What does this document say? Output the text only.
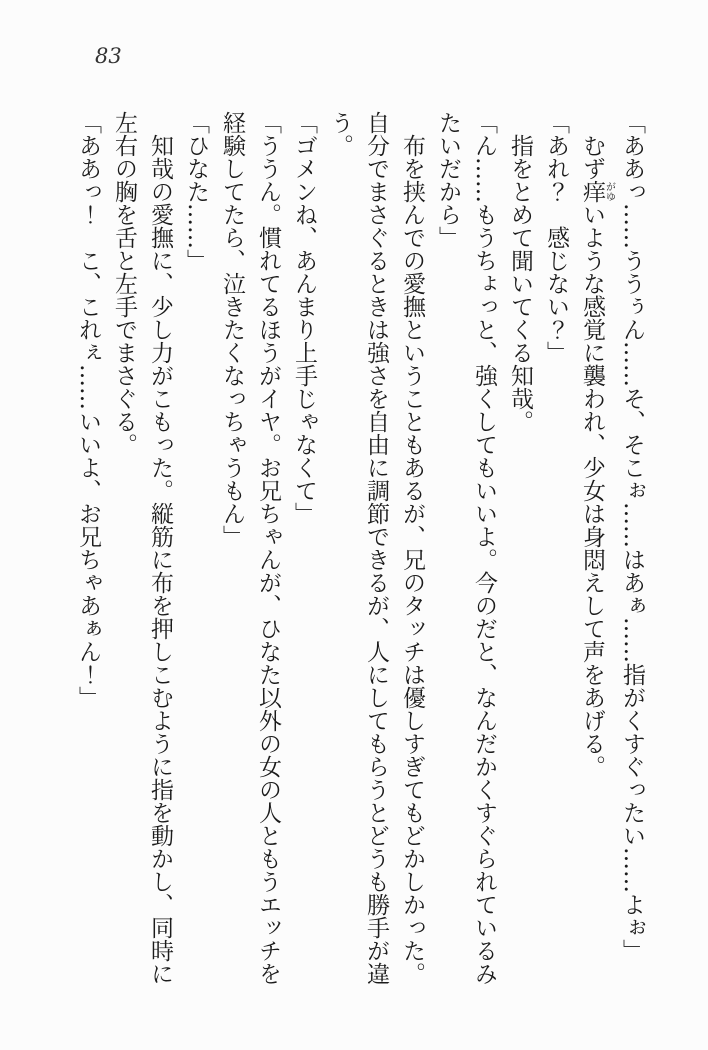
83

「ああっ……ううぅん……そ、そこぉ……はあぁ……指がくすぐったい……よぉ」

むず痒がゆいような感覚に襲われ、少女は身悶えして声をあげる。

「あれ？　感じない？」

指をとめて聞いてくる知哉。

「ん……もうちょっと、強くしてもいいよ。今のだと、なんだかくすぐられているみたいだから」

布を挟んでの愛撫ということもあるが、兄のタッチは優しすぎてもどかしかった。自分でまさぐるときは強さを自由に調節できるが、人にしてもらうとどうも勝手が違う。

「ゴメンね、あんまり上手じゃなくて」

「ううん。慣れてるほうがイヤ。お兄ちゃんが、ひなた以外の女の人ともうエッチを経験してたら、泣きたくなっちゃうもん」

「ひなた……」

知哉の愛撫に、少し力がこもった。縦筋に布を押しこむように指を動かし、同時に左右の胸を舌と左手でまさぐる。

「ああっ！　こ、これぇ……いいよ、お兄ちゃあぁん！」
